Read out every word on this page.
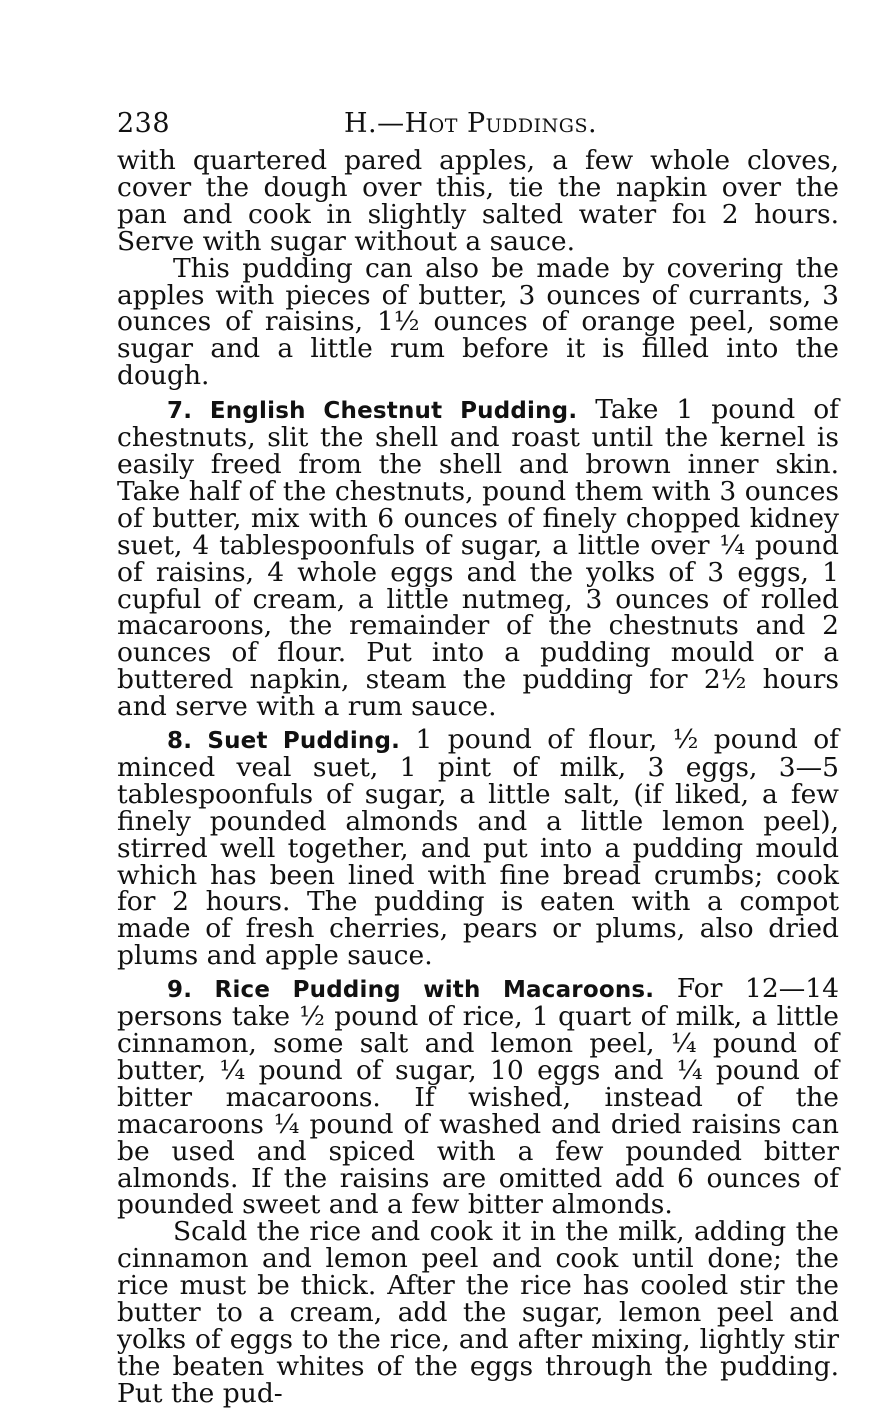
238	H.—Hot Puddings.

with quartered pared apples, a few whole cloves, cover the dough over this, tie the napkin over the pan and cook in slightly salted water foı 2 hours. Serve with sugar without a sauce.

This pudding can also be made by covering the apples with pieces of butter, 3 ounces of currants, 3 ounces of raisins, 1½ ounces of orange peel, some sugar and a little rum before it is filled into the dough.

7. English Chestnut Pudding. Take 1 pound of chestnuts, slit the shell and roast until the kernel is easily freed from the shell and brown inner skin. Take half of the chestnuts, pound them with 3 ounces of butter, mix with 6 ounces of finely chopped kidney suet, 4 tablespoonfuls of sugar, a little over ¼ pound of raisins, 4 whole eggs and the yolks of 3 eggs, 1 cupful of cream, a little nutmeg, 3 ounces of rolled macaroons, the remainder of the chestnuts and 2 ounces of flour. Put into a pudding mould or a buttered napkin, steam the pudding for 2½ hours and serve with a rum sauce.

8. Suet Pudding. 1 pound of flour, ½ pound of minced veal suet, 1 pint of milk, 3 eggs, 3—5 tablespoonfuls of sugar, a little salt, (if liked, a few finely pounded almonds and a little lemon peel), stirred well together, and put into a pudding mould which has been lined with fine bread crumbs; cook for 2 hours. The pudding is eaten with a compot made of fresh cherries, pears or plums, also dried plums and apple sauce.

9. Rice Pudding with Macaroons. For 12—14 persons take ½ pound of rice, 1 quart of milk, a little cinnamon, some salt and lemon peel, ¼ pound of butter, ¼ pound of sugar, 10 eggs and ¼ pound of bitter macaroons. If wished, instead of the macaroons ¼ pound of washed and dried raisins can be used and spiced with a few pounded bitter almonds. If the raisins are omitted add 6 ounces of pounded sweet and a few bitter almonds.

Scald the rice and cook it in the milk, adding the cinnamon and lemon peel and cook until done; the rice must be thick. After the rice has cooled stir the butter to a cream, add the sugar, lemon peel and yolks of eggs to the rice, and after mixing, lightly stir the beaten whites of the eggs through the pudding. Put the pud-
